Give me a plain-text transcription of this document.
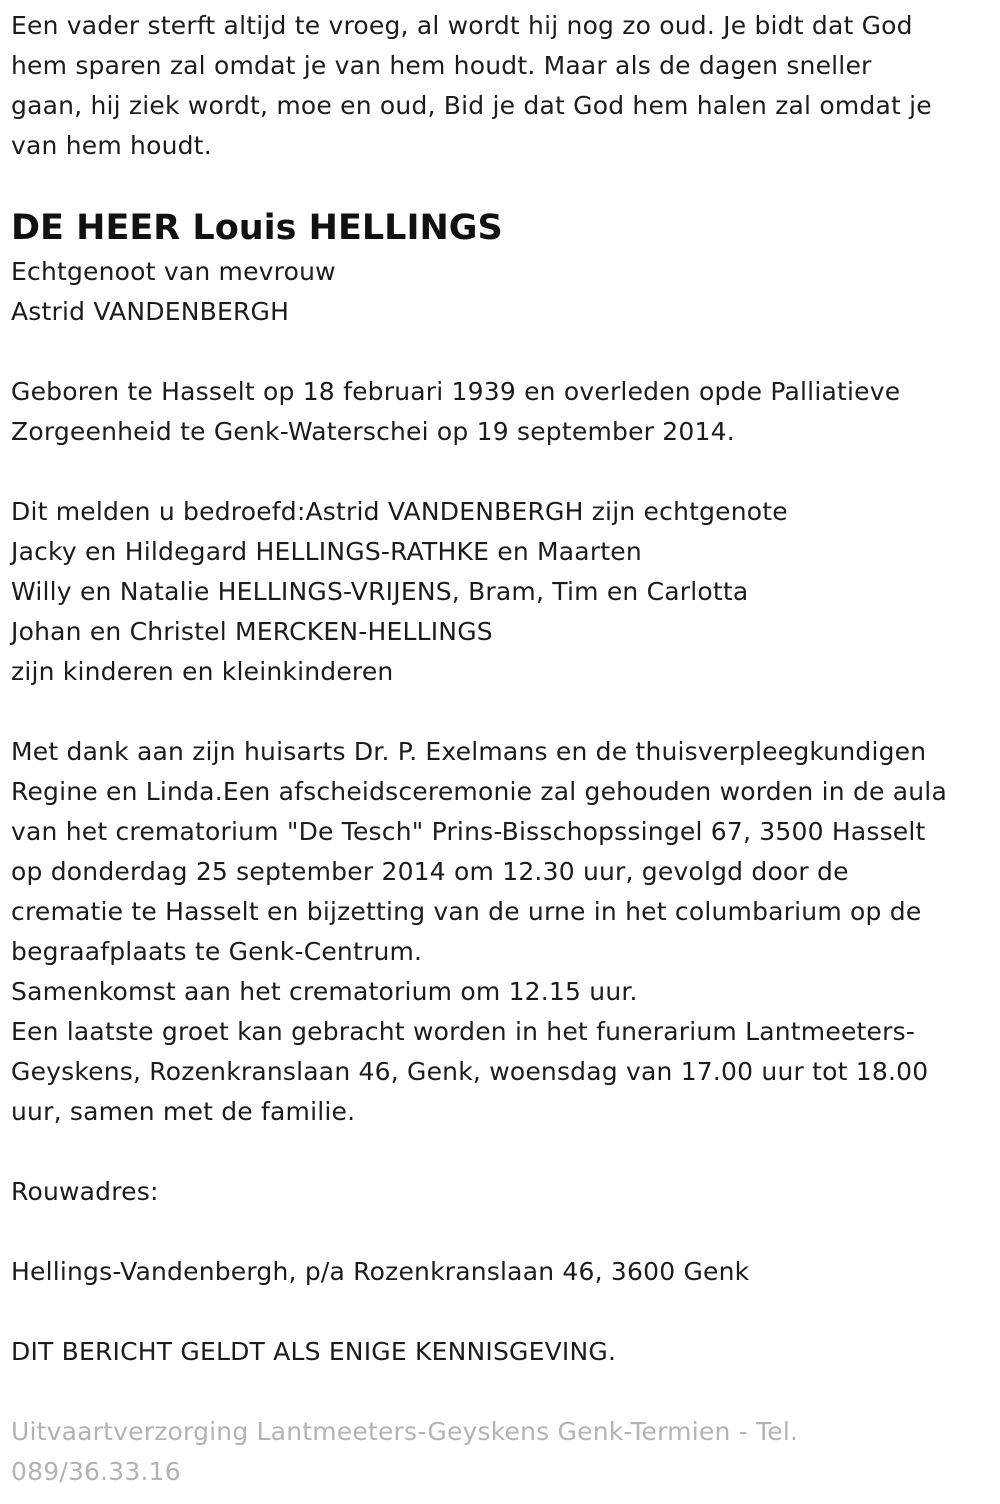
Een vader sterft altijd te vroeg, al wordt hij nog zo oud. Je bidt dat God
hem sparen zal omdat je van hem houdt. Maar als de dagen sneller
gaan, hij ziek wordt, moe en oud, Bid je dat God hem halen zal omdat je
van hem houdt.
DE HEER Louis HELLINGS
Echtgenoot van mevrouw
Astrid VANDENBERGH
Geboren te Hasselt op 18 februari 1939 en overleden opde Palliatieve
Zorgeenheid te Genk-Waterschei op 19 september 2014.
Dit melden u bedroefd:Astrid VANDENBERGH zijn echtgenote
Jacky en Hildegard HELLINGS-RATHKE en Maarten
Willy en Natalie HELLINGS-VRIJENS, Bram, Tim en Carlotta
Johan en Christel MERCKEN-HELLINGS
zijn kinderen en kleinkinderen
Met dank aan zijn huisarts Dr. P. Exelmans en de thuisverpleegkundigen
Regine en Linda.Een afscheidsceremonie zal gehouden worden in de aula
van het crematorium "De Tesch" Prins-Bisschopssingel 67, 3500 Hasselt
op donderdag 25 september 2014 om 12.30 uur, gevolgd door de
crematie te Hasselt en bijzetting van de urne in het columbarium op de
begraafplaats te Genk-Centrum.
Samenkomst aan het crematorium om 12.15 uur.
Een laatste groet kan gebracht worden in het funerarium Lantmeeters-
Geyskens, Rozenkranslaan 46, Genk, woensdag van 17.00 uur tot 18.00
uur, samen met de familie.
Rouwadres:
Hellings-Vandenbergh, p/a Rozenkranslaan 46, 3600 Genk
DIT BERICHT GELDT ALS ENIGE KENNISGEVING.
Uitvaartverzorging Lantmeeters-Geyskens Genk-Termien - Tel.
089/36.33.16
